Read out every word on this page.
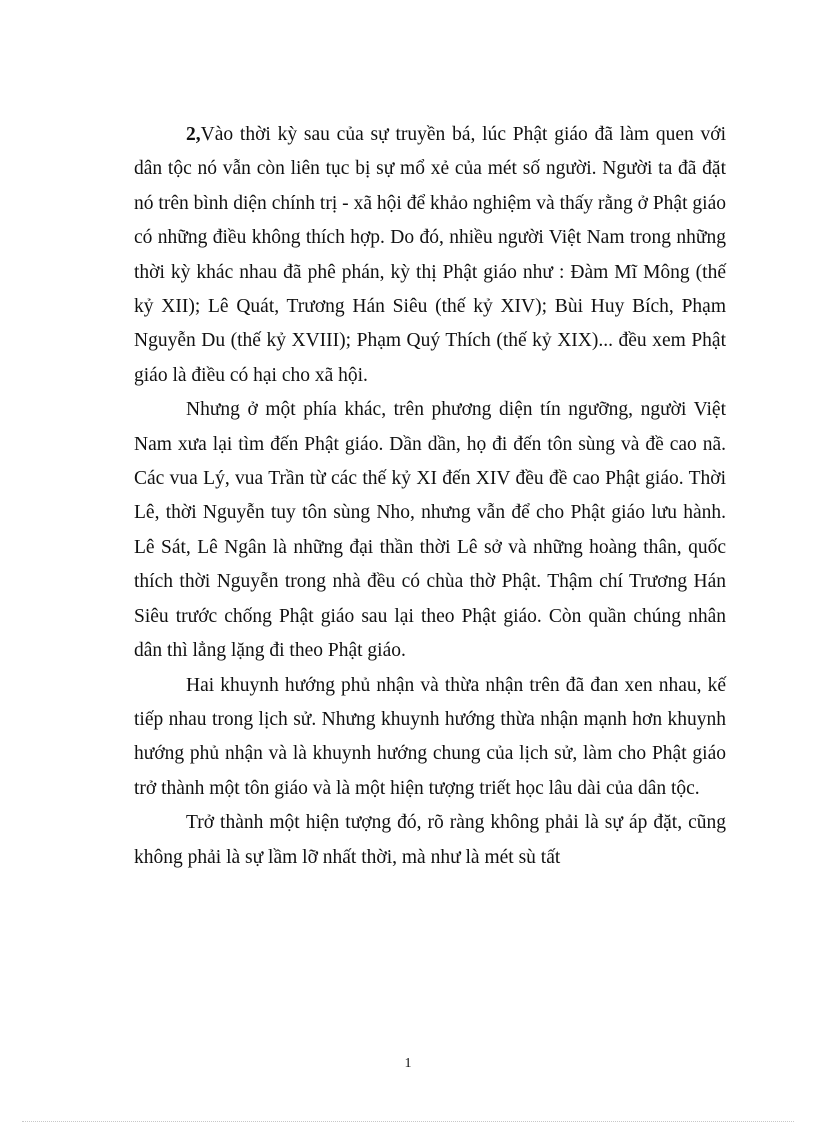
2,Vào thời kỳ sau của sự truyền bá, lúc Phật giáo đã làm quen với dân tộc nó vẫn còn liên tục bị sự mổ xẻ của mét số người. Người ta đã đặt nó trên bình diện chính trị - xã hội để khảo nghiệm và thấy rằng ở Phật giáo có những điều không thích hợp. Do đó, nhiều người Việt Nam trong những thời kỳ khác nhau đã phê phán, kỳ thị Phật giáo như : Đàm Mĩ Mông (thế kỷ XII); Lê Quát, Trương Hán Siêu (thế kỷ XIV); Bùi Huy Bích, Phạm Nguyễn Du (thế kỷ XVIII); Phạm Quý Thích (thế kỷ XIX)... đều xem Phật giáo là điều có hại cho xã hội.

Nhưng ở một phía khác, trên phương diện tín ngưỡng, người Việt Nam xưa lại tìm đến Phật giáo. Dần dần, họ đi đến tôn sùng và đề cao nã. Các vua Lý, vua Trần từ các thế kỷ XI đến XIV đều đề cao Phật giáo. Thời Lê, thời Nguyễn tuy tôn sùng Nho, nhưng vẫn để cho Phật giáo lưu hành. Lê Sát, Lê Ngân là những đại thần thời Lê sở và những hoàng thân, quốc thích thời Nguyễn trong nhà đều có chùa thờ Phật. Thậm chí Trương Hán Siêu trước chống Phật giáo sau lại theo Phật giáo. Còn quần chúng nhân dân thì lẳng lặng đi theo Phật giáo.

Hai khuynh hướng phủ nhận và thừa nhận trên đã đan xen nhau, kế tiếp nhau trong lịch sử. Nhưng khuynh hướng thừa nhận mạnh hơn khuynh hướng phủ nhận và là khuynh hướng chung của lịch sử, làm cho Phật giáo trở thành một tôn giáo và là một hiện tượng triết học lâu dài của dân tộc.

Trở thành một hiện tượng đó, rõ ràng không phải là sự áp đặt, cũng không phải là sự lầm lỡ nhất thời, mà như là mét sù tất

1
